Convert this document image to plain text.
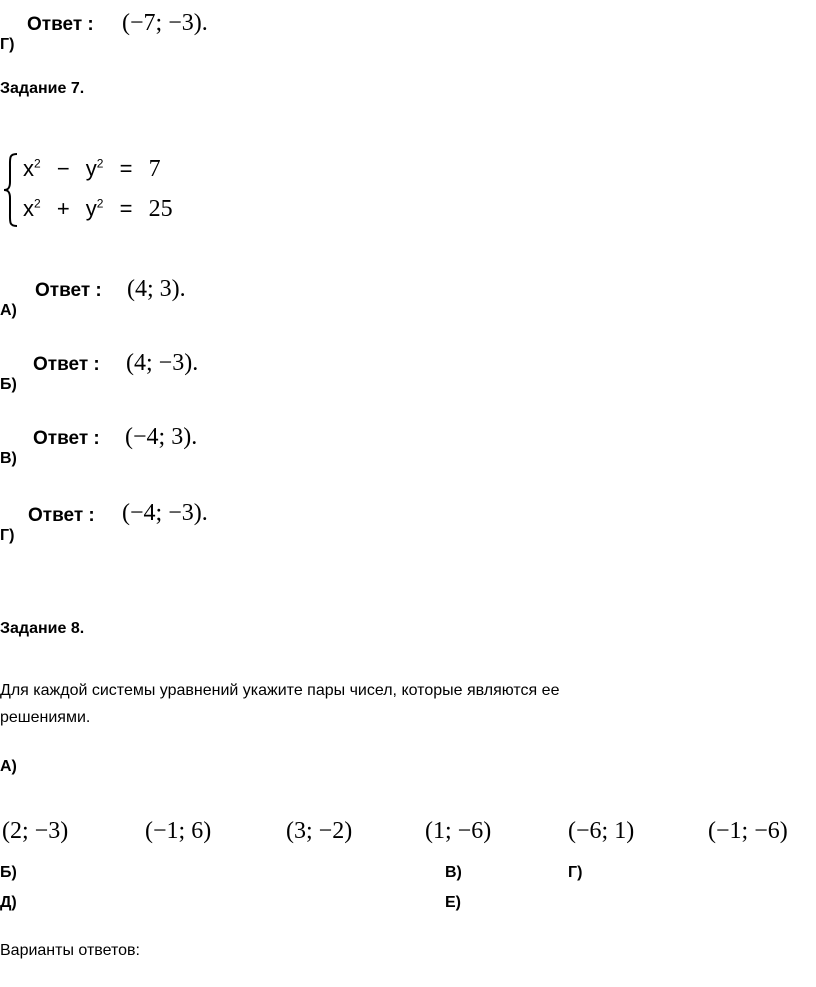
Ответ : (−7; −3).
Г)
Задание 7.
$x^2 - y^2 = 7$
$x^2 + y^2 = 25$
Ответ : (4; 3).
А)
Ответ : (4; −3).
Б)
Ответ : (−4; 3).
В)
Ответ : (−4; −3).
Г)
Задание 8.
Для каждой системы уравнений укажите пары чисел, которые являются ее
решениями.
А)
(2; −3)	(−1; 6)	(3; −2)	(1; −6)	(−6; 1)	(−1; −6)
Б)	В)	Г)
Д)	Е)
Варианты ответов:
